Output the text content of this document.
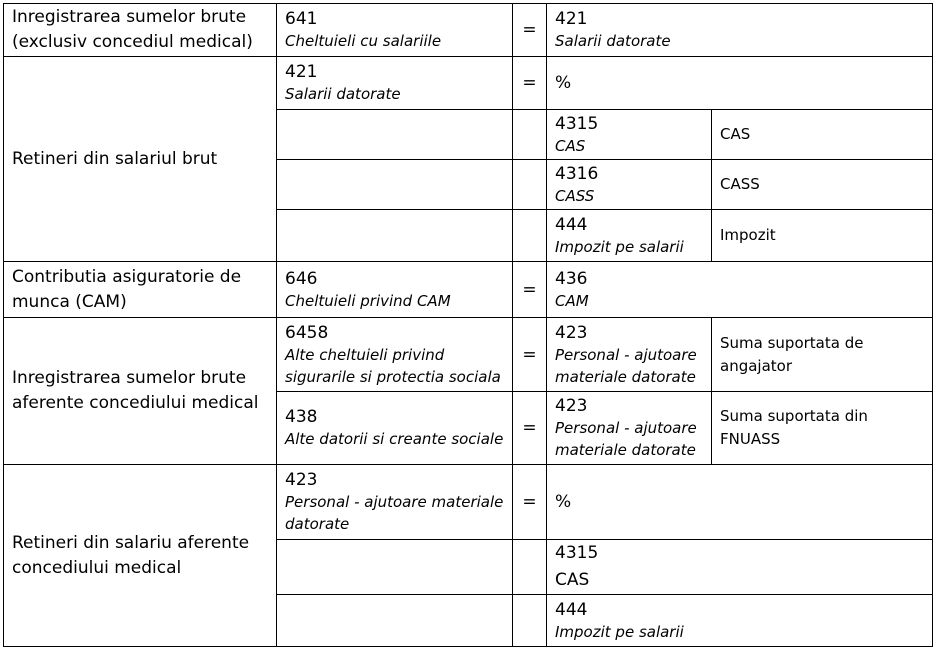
Inregistrarea sumelor brute (exclusiv concediul medical)	641
Cheltuieli cu salariile	=	421
Salarii datorate	

Retineri din salariul brut	421
Salarii datorate	=	%	

			4315
CAS	CAS

			4316
CASS	CASS

			444
Impozit pe salarii	Impozit
Contributia asiguratorie de munca (CAM)	646
Cheltuieli privind CAM	=	436
CAM	

Inregistrarea sumelor brute aferente concediului medical	6458
Alte cheltuieli privind sigurarile si protectia sociala	=	423
Personal - ajutoare materiale datorate	Suma suportata de angajator

	438
Alte datorii si creante sociale	=	423
Personal - ajutoare materiale datorate	Suma suportata din FNUASS
Retineri din salariu aferente concediului medical	423
Personal - ajutoare materiale datorate	=	%	

			4315
CAS	

			444
Impozit pe salarii	
